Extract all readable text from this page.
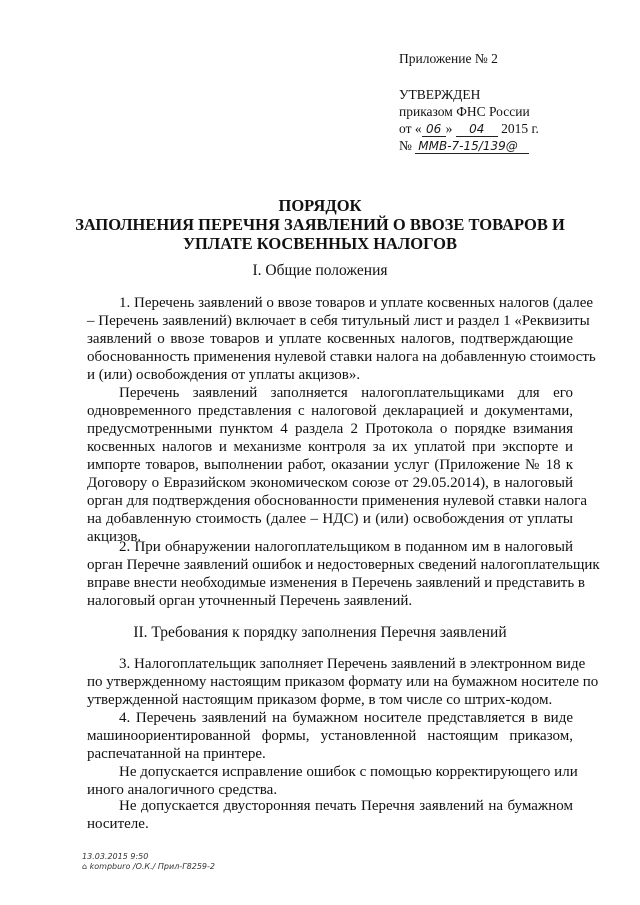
Приложение № 2
УТВЕРЖДЕН
приказом ФНС России
от « 06 » 04 2015 г.
№ ММВ-7-15/139@
ПОРЯДОК
ЗАПОЛНЕНИЯ ПЕРЕЧНЯ ЗАЯВЛЕНИЙ О ВВОЗЕ ТОВАРОВ И
УПЛАТЕ КОСВЕННЫХ НАЛОГОВ
I. Общие положения
1. Перечень заявлений о ввозе товаров и уплате косвенных налогов (далее
– Перечень заявлений) включает в себя титульный лист и раздел 1 «Реквизиты
заявлений о ввозе товаров и уплате косвенных налогов, подтверждающие
обоснованность применения нулевой ставки налога на добавленную стоимость
и (или) освобождения от уплаты акцизов».
Перечень заявлений заполняется налогоплательщиками для его
одновременного представления с налоговой декларацией и документами,
предусмотренными пунктом 4 раздела 2 Протокола о порядке взимания
косвенных налогов и механизме контроля за их уплатой при экспорте и
импорте товаров, выполнении работ, оказании услуг (Приложение № 18 к
Договору о Евразийском экономическом союзе от 29.05.2014), в налоговый
орган для подтверждения обоснованности применения нулевой ставки налога
на добавленную стоимость (далее – НДС) и (или) освобождения от уплаты
акцизов.
2. При обнаружении налогоплательщиком в поданном им в налоговый
орган Перечне заявлений ошибок и недостоверных сведений налогоплательщик
вправе внести необходимые изменения в Перечень заявлений и представить в
налоговый орган уточненный Перечень заявлений.
II. Требования к порядку заполнения Перечня заявлений
3. Налогоплательщик заполняет Перечень заявлений в электронном виде
по утвержденному настоящим приказом формату или на бумажном носителе по
утвержденной настоящим приказом форме, в том числе со штрих-кодом.
4. Перечень заявлений на бумажном носителе представляется в виде
машиноориентированной формы, установленной настоящим приказом,
распечатанной на принтере.
Не допускается исправление ошибок с помощью корректирующего или
иного аналогичного средства.
Не допускается двусторонняя печать Перечня заявлений на бумажном
носителе.
13.03.2015 9:50
⌂ kompburo /О.К./ Прил-Г8259-2
